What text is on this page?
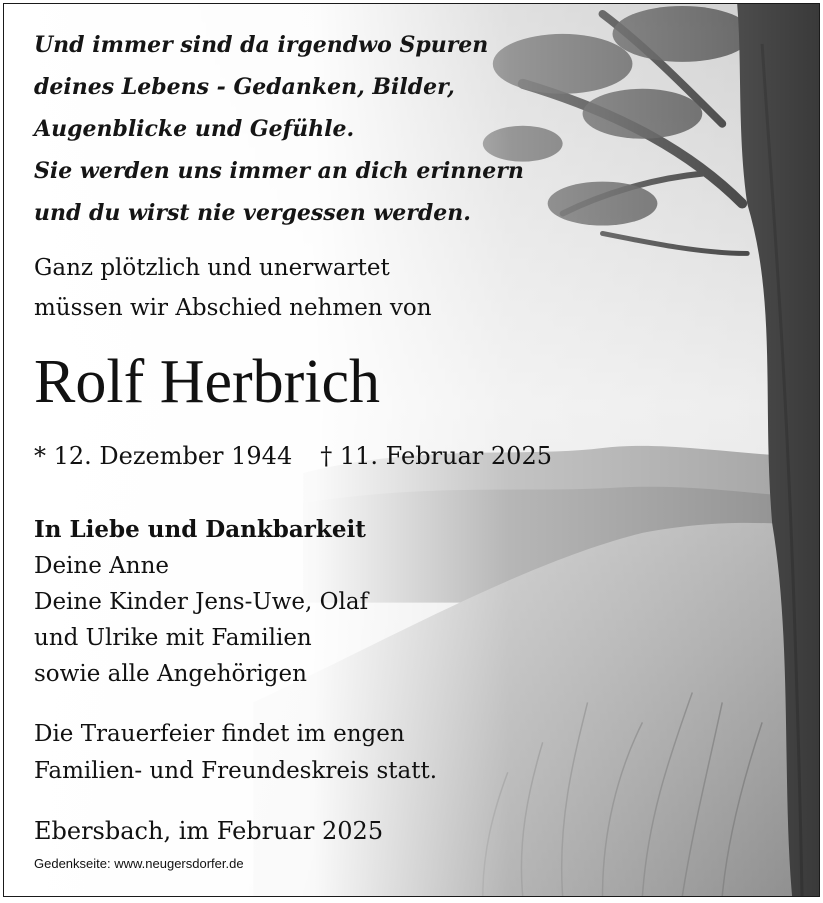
Und immer sind da irgendwo Spuren
deines Lebens - Gedanken, Bilder,
Augenblicke und Gefühle.
Sie werden uns immer an dich erinnern
und du wirst nie vergessen werden.
Ganz plötzlich und unerwartet
müssen wir Abschied nehmen von
Rolf Herbrich
* 12. Dezember 1944 † 11. Februar 2025
In Liebe und Dankbarkeit
Deine Anne
Deine Kinder Jens-Uwe, Olaf
und Ulrike mit Familien
sowie alle Angehörigen
Die Trauerfeier findet im engen
Familien- und Freundeskreis statt.
Ebersbach, im Februar 2025
Gedenkseite: www.neugersdorfer.de
